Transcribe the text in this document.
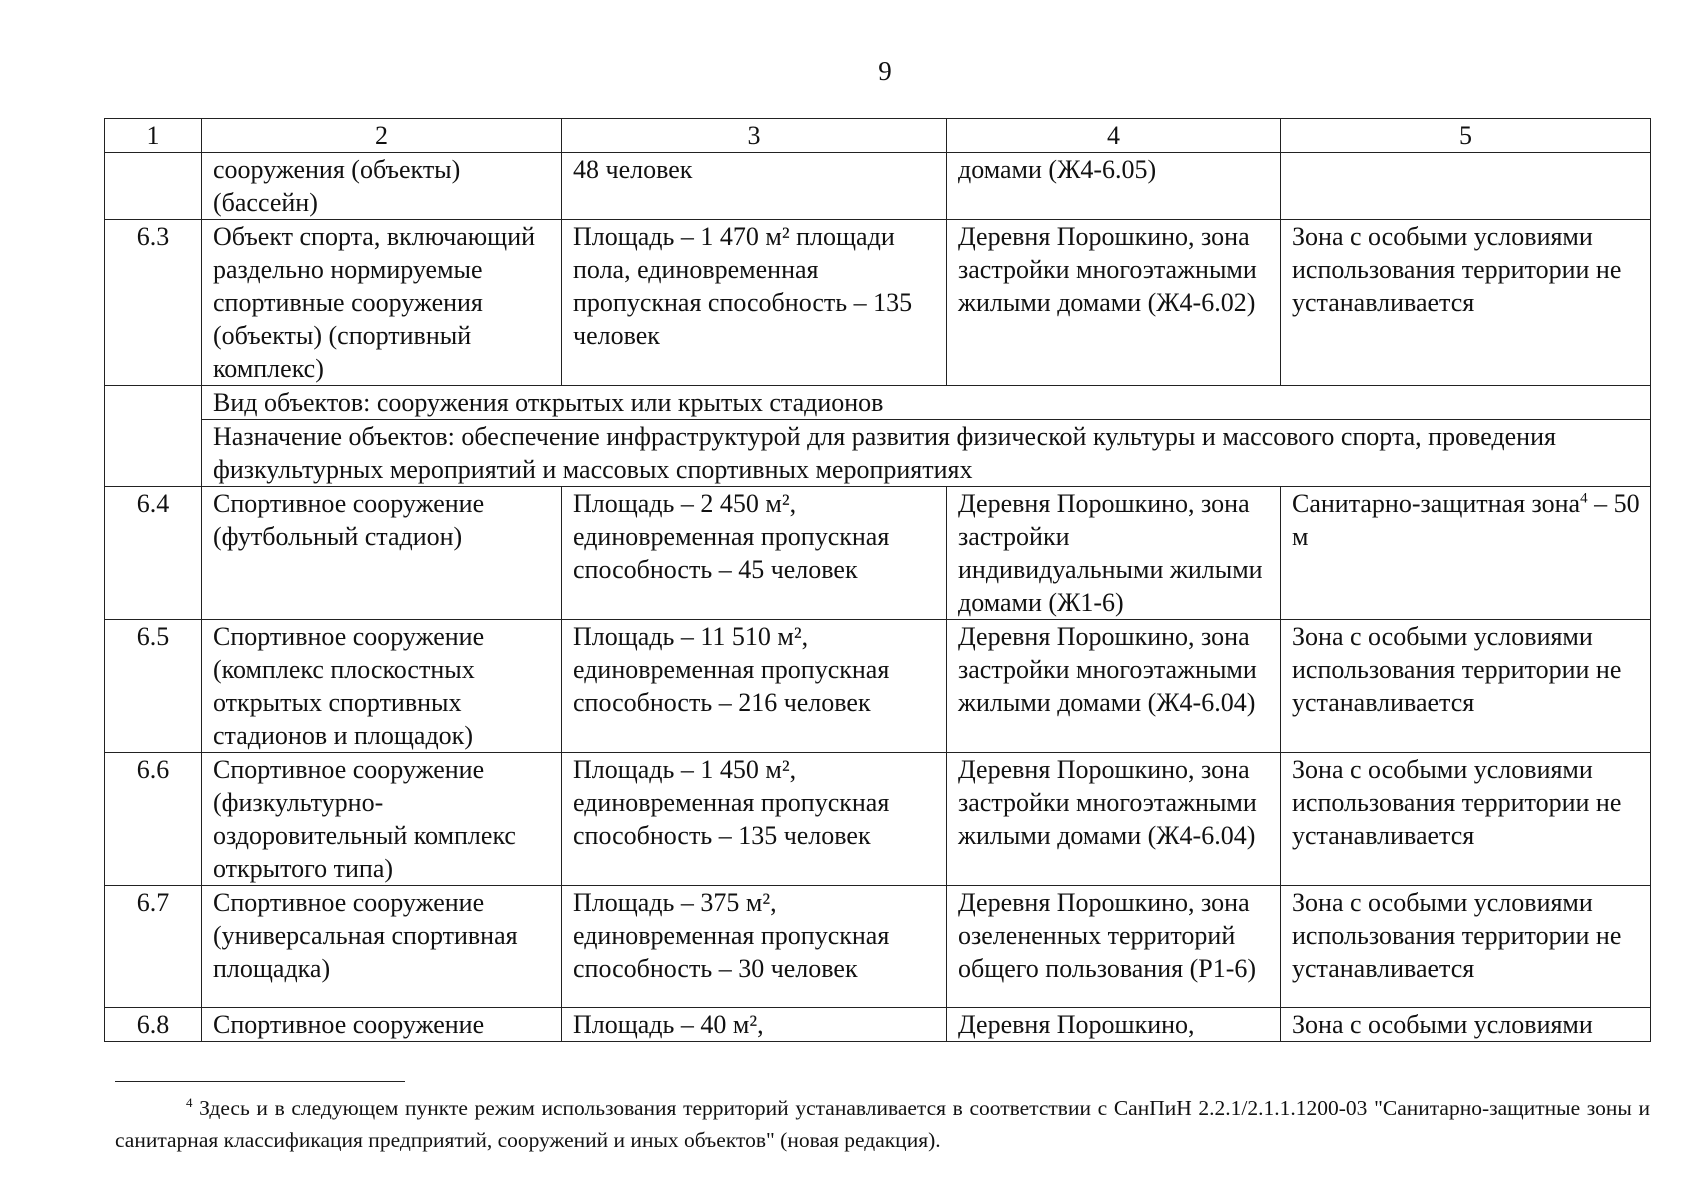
9
1	2	3	4	5
	сооружения (объекты) (бассейн)	48 человек	домами (Ж4-6.05)	
6.3	Объект спорта, включающий раздельно нормируемые спортивные сооружения (объекты) (спортивный комплекс)	Площадь – 1 470 м² площади пола, единовременная пропускная способность – 135 человек	Деревня Порошкино, зона застройки многоэтажными жилыми домами (Ж4-6.02)	Зона с особыми условиями использования территории не устанавливается
	Вид объектов: сооружения открытых или крытых стадионов			
	Назначение объектов: обеспечение инфраструктурой для развития физической культуры и массового спорта, проведения физкультурных мероприятий и массовых спортивных мероприятиях			
6.4	Спортивное сооружение (футбольный стадион)	Площадь – 2 450 м², единовременная пропускная способность – 45 человек	Деревня Порошкино, зона застройки индивидуальными жилыми домами (Ж1-6)	Санитарно-защитная зона$^4$ – 50 м
6.5	Спортивное сооружение (комплекс плоскостных открытых спортивных стадионов и площадок)	Площадь – 11 510 м², единовременная пропускная способность – 216 человек	Деревня Порошкино, зона застройки многоэтажными жилыми домами (Ж4-6.04)	Зона с особыми условиями использования территории не устанавливается
6.6	Спортивное сооружение (физкультурно-оздоровительный комплекс открытого типа)	Площадь – 1 450 м², единовременная пропускная способность – 135 человек	Деревня Порошкино, зона застройки многоэтажными жилыми домами (Ж4-6.04)	Зона с особыми условиями использования территории не устанавливается
6.7	Спортивное сооружение (универсальная спортивная площадка)	Площадь – 375 м², единовременная пропускная способность – 30 человек	Деревня Порошкино, зона озелененных территорий общего пользования (Р1-6)	Зона с особыми условиями использования территории не устанавливается
6.8	Спортивное сооружение	Площадь – 40 м²,	Деревня Порошкино,	Зона с особыми условиями
$^4$ Здесь и в следующем пункте режим использования территорий устанавливается в соответствии с СанПиН 2.2.1/2.1.1.1200-03 "Санитарно-защитные зоны и санитарная классификация предприятий, сооружений и иных объектов" (новая редакция).
